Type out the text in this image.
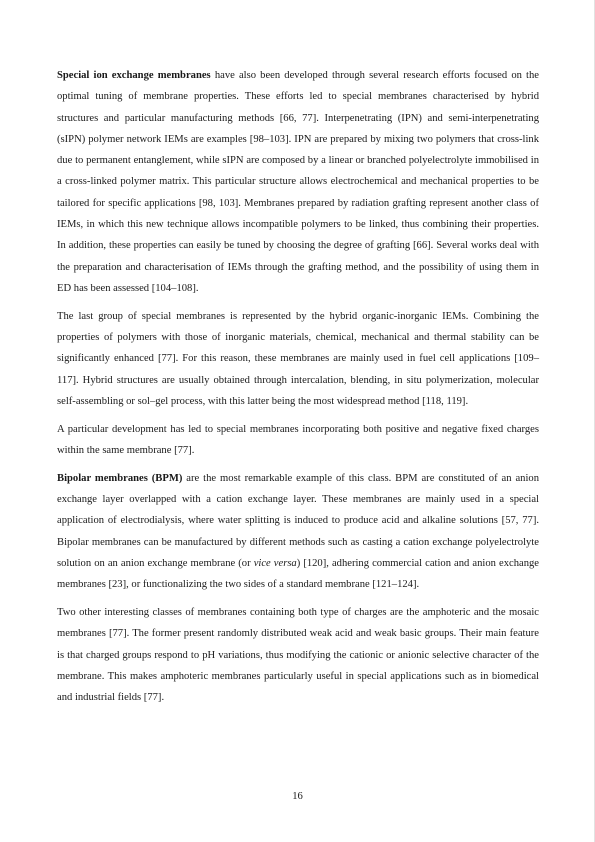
Special ion exchange membranes have also been developed through several research efforts focused on the optimal tuning of membrane properties. These efforts led to special membranes characterised by hybrid structures and particular manufacturing methods [66, 77]. Interpenetrating (IPN) and semi-interpenetrating (sIPN) polymer network IEMs are examples [98–103]. IPN are prepared by mixing two polymers that cross-link due to permanent entanglement, while sIPN are composed by a linear or branched polyelectrolyte immobilised in a cross-linked polymer matrix. This particular structure allows electrochemical and mechanical properties to be tailored for specific applications [98, 103]. Membranes prepared by radiation grafting represent another class of IEMs, in which this new technique allows incompatible polymers to be linked, thus combining their properties. In addition, these properties can easily be tuned by choosing the degree of grafting [66]. Several works deal with the preparation and characterisation of IEMs through the grafting method, and the possibility of using them in ED has been assessed [104–108].

The last group of special membranes is represented by the hybrid organic-inorganic IEMs. Combining the properties of polymers with those of inorganic materials, chemical, mechanical and thermal stability can be significantly enhanced [77]. For this reason, these membranes are mainly used in fuel cell applications [109–117]. Hybrid structures are usually obtained through intercalation, blending, in situ polymerization, molecular self-assembling or sol–gel process, with this latter being the most widespread method [118, 119].

A particular development has led to special membranes incorporating both positive and negative fixed charges within the same membrane [77].

Bipolar membranes (BPM) are the most remarkable example of this class. BPM are constituted of an anion exchange layer overlapped with a cation exchange layer. These membranes are mainly used in a special application of electrodialysis, where water splitting is induced to produce acid and alkaline solutions [57, 77]. Bipolar membranes can be manufactured by different methods such as casting a cation exchange polyelectrolyte solution on an anion exchange membrane (or vice versa) [120], adhering commercial cation and anion exchange membranes [23], or functionalizing the two sides of a standard membrane [121–124].

Two other interesting classes of membranes containing both type of charges are the amphoteric and the mosaic membranes [77]. The former present randomly distributed weak acid and weak basic groups. Their main feature is that charged groups respond to pH variations, thus modifying the cationic or anionic selective character of the membrane. This makes amphoteric membranes particularly useful in special applications such as in biomedical and industrial fields [77].

16
